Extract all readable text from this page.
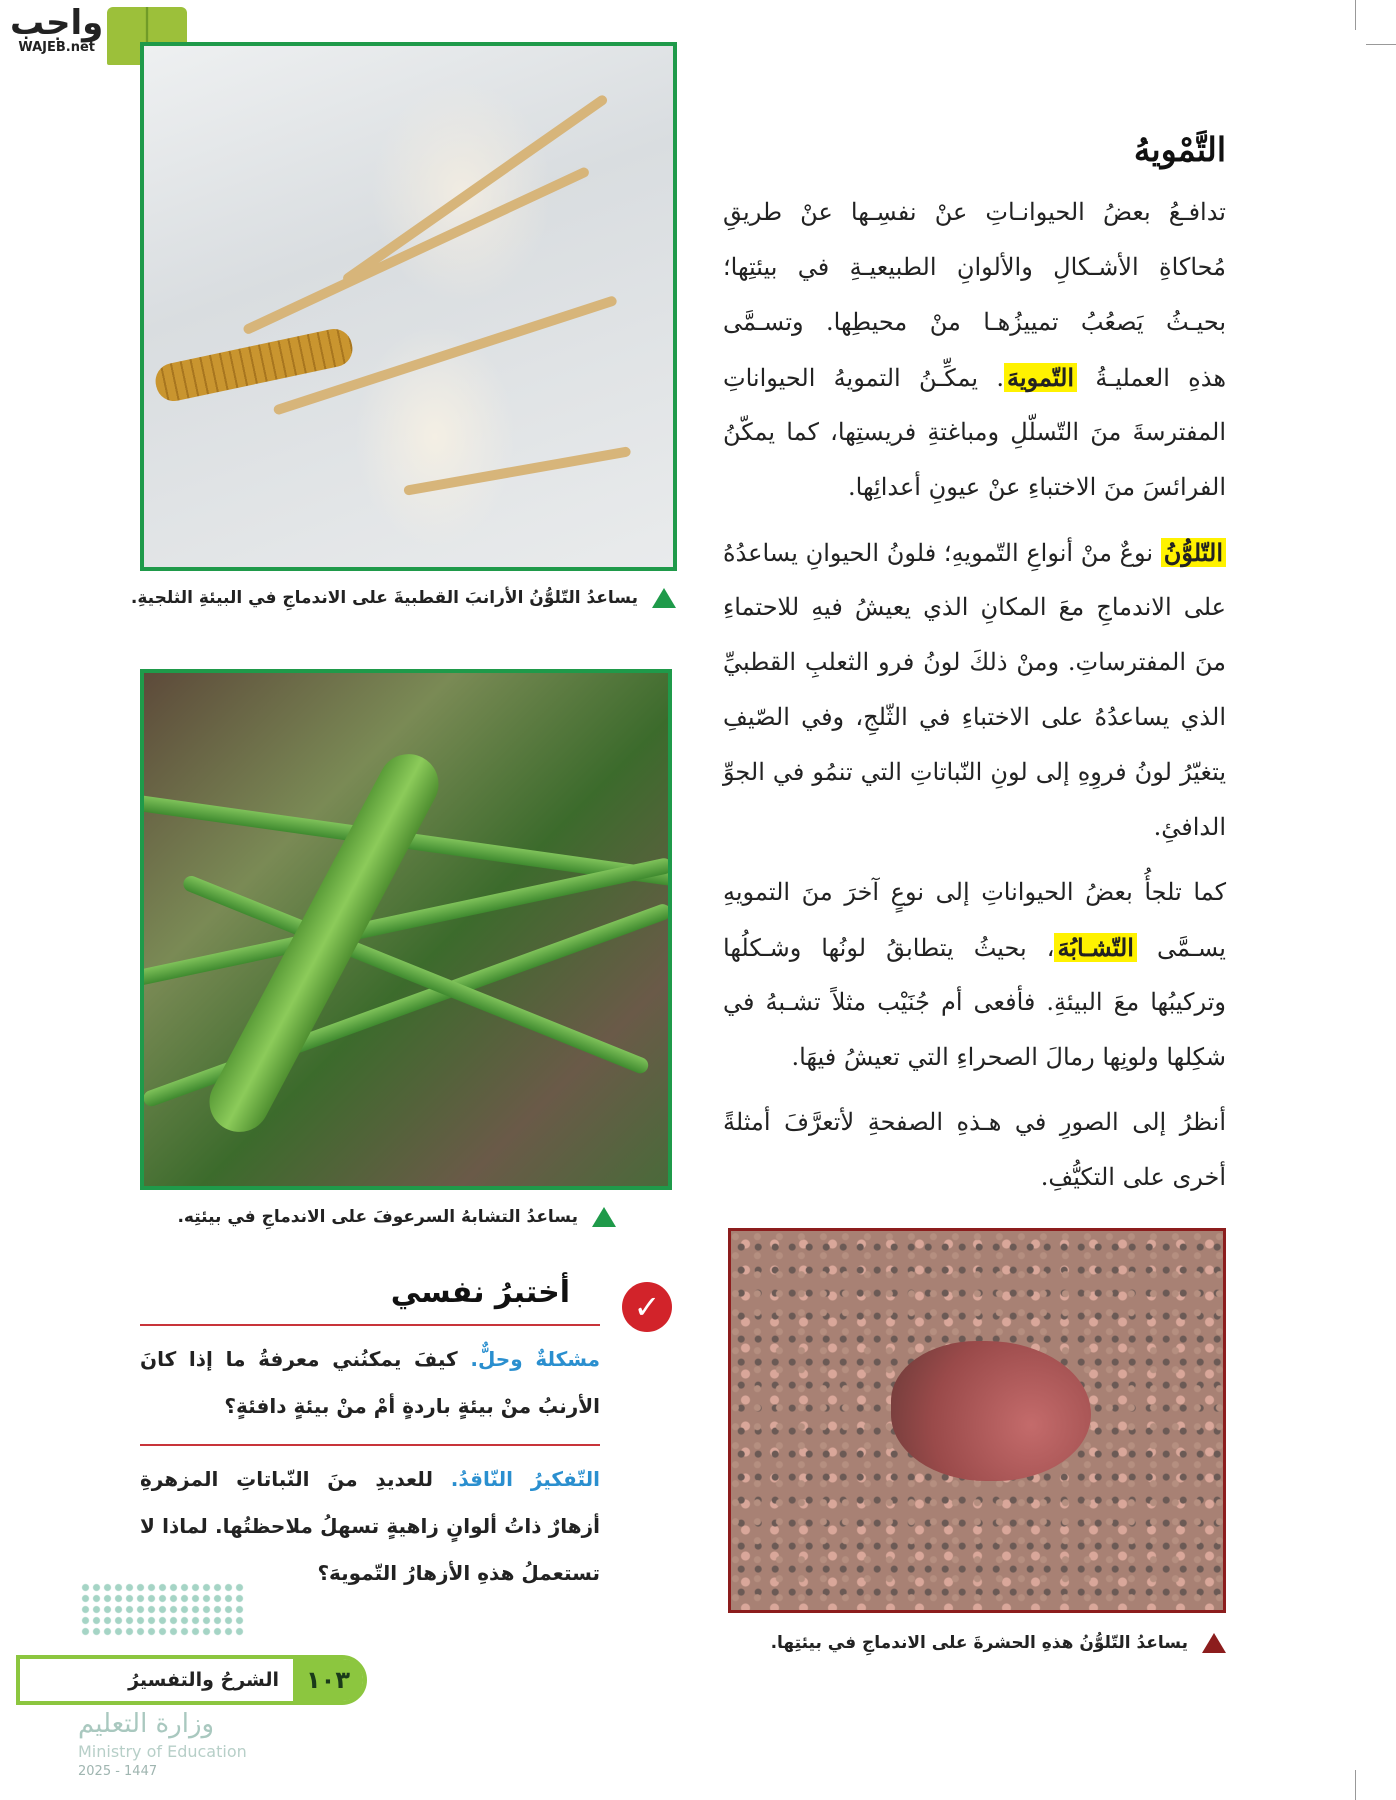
واجب
WAJEB.net
يساعدُ التّلوُّنُ الأرانبَ القطبيةَ على الاندماجِ في البيئةِ الثلجيةِ.
يساعدُ التشابهُ السرعوفَ على الاندماجِ في بيئتِه.
✓
أختبرُ نفسي

مشكلةٌ وحلٌّ. كيفَ يمكنُني معرفةُ ما إذا كانَ الأرنبُ منْ بيئةٍ باردةٍ أمْ منْ بيئةٍ دافئةٍ؟

التّفكيرُ النّاقدُ. للعديدِ منَ النّباتاتِ المزهرةِ أزهارٌ ذاتُ ألوانٍ زاهيةٍ تسهلُ ملاحظتُها. لماذا لا تستعملُ هذهِ الأزهارُ التّمويهَ؟

١٠٣
الشرحُ والتفسيرُ
وزارة التعليم
Ministry of Education
2025 - 1447
التَّمْويهُ
تدافـعُ بعضُ الحيوانـاتِ عنْ نفسِـها عنْ طريقِ
مُحاكاةِ الأشـكالِ والألوانِ الطبيعيـةِ في بيئتِها؛
بحيـثُ يَصعُبُ تمييزُهـا منْ محيطِها. وتسـمَّى
هذهِ العمليـةُ التّمويهَ. يمكِّـنُ التمويهُ الحيواناتِ
المفترسةَ منَ التّسلّلِ ومباغتةِ فريستِها، كما يمكّنُ
الفرائسَ منَ الاختباءِ عنْ عيونِ أعدائِها.
التّلوُّنُ نوعٌ منْ أنواعِ التّمويهِ؛ فلونُ الحيوانِ يساعدُهُ
على الاندماجِ معَ المكانِ الذي يعيشُ فيهِ للاحتماءِ
منَ المفترساتِ. ومنْ ذلكَ لونُ فرو الثعلبِ القطبيِّ
الذي يساعدُهُ على الاختباءِ في الثّلجِ، وفي الصّيفِ
يتغيّرُ لونُ فروِهِ إلى لونِ النّباتاتِ التي تنمُو في الجوِّ
الدافئِ.
كما تلجأُ بعضُ الحيواناتِ إلى نوعٍ آخرَ منَ التمويهِ
يسـمَّى التّشـابُهَ، بحيثُ يتطابقُ لونُها وشـكلُها
وتركيبُها معَ البيئةِ. فأفعى أم جُنَيْب مثلاً تشـبهُ في
شكِلها ولونِها رمالَ الصحراءِ التي تعيشُ فيهَا.
أنظرُ إلى الصورِ في هـذهِ الصفحةِ لأتعرَّفَ أمثلةً
أخرى على التكيُّفِ.
يساعدُ التّلوُّنُ هذهِ الحشرةَ على الاندماجِ في بيئتِها.
